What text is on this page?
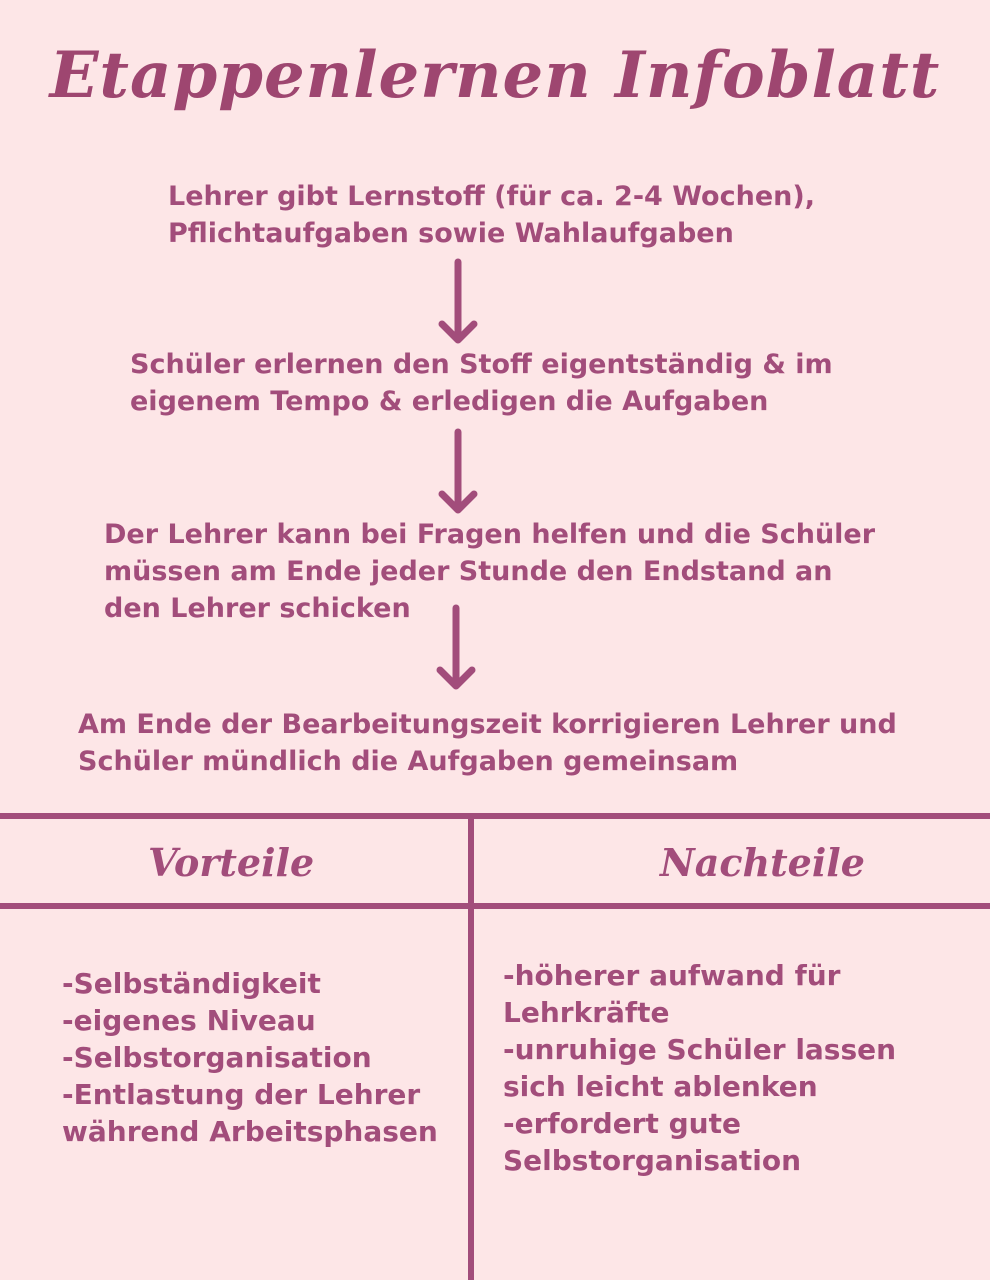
Etappenlernen Infoblatt

Lehrer gibt Lernstoff (für ca. 2-4 Wochen),
Pflichtaufgaben sowie Wahlaufgaben

Schüler erlernen den Stoff eigentständig & im
eigenem Tempo & erledigen die Aufgaben

Der Lehrer kann bei Fragen helfen und die Schüler
müssen am Ende jeder Stunde den Endstand an
den Lehrer schicken

Am Ende der Bearbeitungszeit korrigieren Lehrer und
Schüler mündlich die Aufgaben gemeinsam

Vorteile	Nachteile
-Selbständigkeit
-eigenes Niveau
-Selbstorganisation
-Entlastung der Lehrer
während Arbeitsphasen
-höherer aufwand für
Lehrkräfte
-unruhige Schüler lassen
sich leicht ablenken
-erfordert gute
Selbstorganisation
